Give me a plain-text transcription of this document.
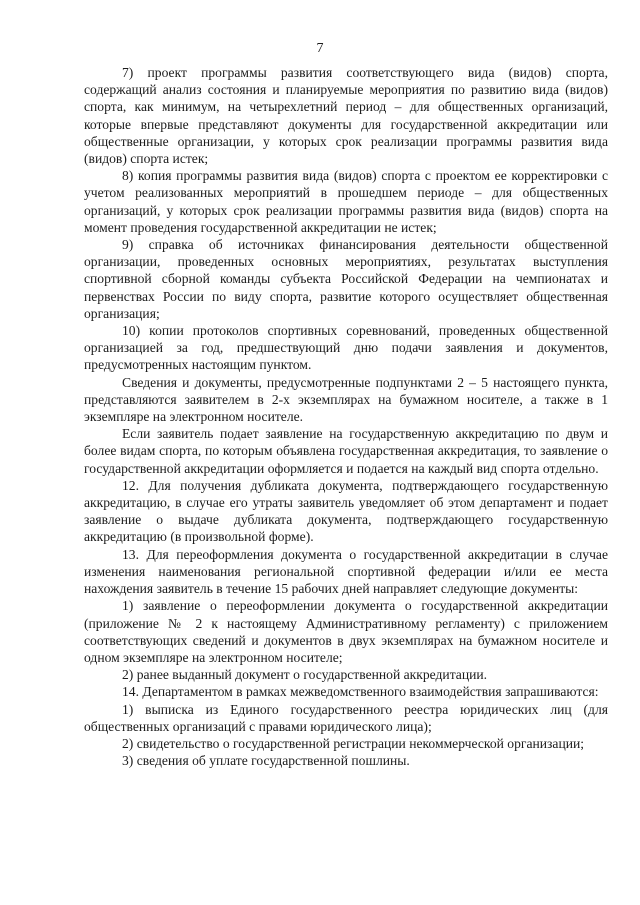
7

7) проект программы развития соответствующего вида (видов) спорта, содержащий анализ состояния и планируемые мероприятия по развитию вида (видов) спорта, как минимум, на четырехлетний период – для общественных организаций, которые впервые представляют документы для государственной аккредитации или общественные организации, у которых срок реализации программы развития вида (видов) спорта истек;

8) копия программы развития вида (видов) спорта с проектом ее корректировки с учетом реализованных мероприятий в прошедшем периоде – для общественных организаций, у которых срок реализации программы развития вида (видов) спорта на момент проведения государственной аккредитации не истек;

9) справка об источниках финансирования деятельности общественной организации, проведенных основных мероприятиях, результатах выступления спортивной сборной команды субъекта Российской Федерации на чемпионатах и первенствах России по виду спорта, развитие которого осуществляет общественная организация;

10) копии протоколов спортивных соревнований, проведенных общественной организацией за год, предшествующий дню подачи заявления и документов, предусмотренных настоящим пунктом.

Сведения и документы, предусмотренные подпунктами 2 – 5 настоящего пункта, представляются заявителем в 2-х экземплярах на бумажном носителе, а также в 1 экземпляре на электронном носителе.

Если заявитель подает заявление на государственную аккредитацию по двум и более видам спорта, по которым объявлена государственная аккредитация, то заявление о государственной аккредитации оформляется и подается на каждый вид спорта отдельно.

12. Для получения дубликата документа, подтверждающего государственную аккредитацию, в случае его утраты заявитель уведомляет об этом департамент и подает заявление о выдаче дубликата документа, подтверждающего государственную аккредитацию (в произвольной форме).

13. Для переоформления документа о государственной аккредитации в случае изменения наименования региональной спортивной федерации и/или ее места нахождения заявитель в течение 15 рабочих дней направляет следующие документы:

1) заявление о переоформлении документа о государственной аккредитации (приложение № 2 к настоящему Административному регламенту) с приложением соответствующих сведений и документов в двух экземплярах на бумажном носителе и одном экземпляре на электронном носителе;

2) ранее выданный документ о государственной аккредитации.

14. Департаментом в рамках межведомственного взаимодействия запрашиваются:

1) выписка из Единого государственного реестра юридических лиц (для общественных организаций с правами юридического лица);

2) свидетельство о государственной регистрации некоммерческой организации;

3) сведения об уплате государственной пошлины.
